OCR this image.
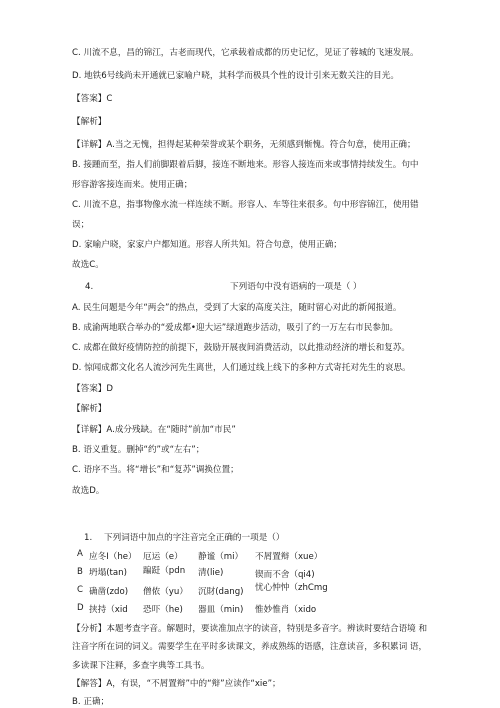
C. 川流不息，昌的锦江，古老而现代，它承载着成都的历史记忆，见证了蓉城的飞速发展。
D. 地铁6号线尚未开通就已家喻户晓，其科学而极具个性的设计引来无数关注的目光。
【答案】C
【解析】
【详解】A.当之无愧，担得起某种荣誉或某个职务，无须感到惭愧。符合句意，使用正确；
B. 接踵而至，指人们前脚跟着后脚，接连不断地来。形容人接连而来或事情持续发生。句中
形容游客接连而来。使用正确；
C. 川流不息，指事物像水流一样连续不断。形容人、车等往来很多。句中形容锦江，使用错
误；
D. 家喻户晓，家家户户都知道。形容人所共知。符合句意，使用正确；
故选C。
4.	下列语句中没有语病的一项是（ ）
A. 民生问题是今年“两会”的热点，受到了大家的高度关注，随时留心对此的新闻报道。
B. 成渝两地联合举办的“爱成都•迎大运”绿道跑步活动，吸引了约一万左右市民参加。
C. 成都在做好疫情防控的前提下，鼓励开展夜间消费活动，以此推动经济的增长和复苏。
D. 惊闻成都文化名人流沙河先生离世，人们通过线上线下的多种方式寄托对先生的哀思。
【答案】D
【解析】
【详解】A.成分残缺。在“随时”前加“市民”
B. 语义重复。删掉“约”或“左右”；
C. 语序不当。将“增长”和“复苏”调换位置；
故选D。
1. 下列词语中加点的字注音完全正确的一项是（）
A
B
C
D
应冬I（he） 厄运（e） 静谧（mi） 不屑置辩（xue）
坍塌(tan) 蹁跹（pdn 清(lie)	锲而不舍（qi4)
确凿(zdo) 僧侬（yu） 沉財(dang) 忧心忡忡（zhCmg
挟持（xid 恐吓（he) 器皿（min) 惟妙惟肖（xido
【分析】本题考查字音。解题时，要读准加点字的读音，特别是多音字。辨读时要结合语境 和
注音字所在词的词义。需要学生在平时多读课文，养成熟练的语感，注意读音，多积累词 语，
多读课下注释，多查字典等工具书。
【解答】A，有误，“不屑置辩”中的“辩”应读作“xie”；
B. 正确；
